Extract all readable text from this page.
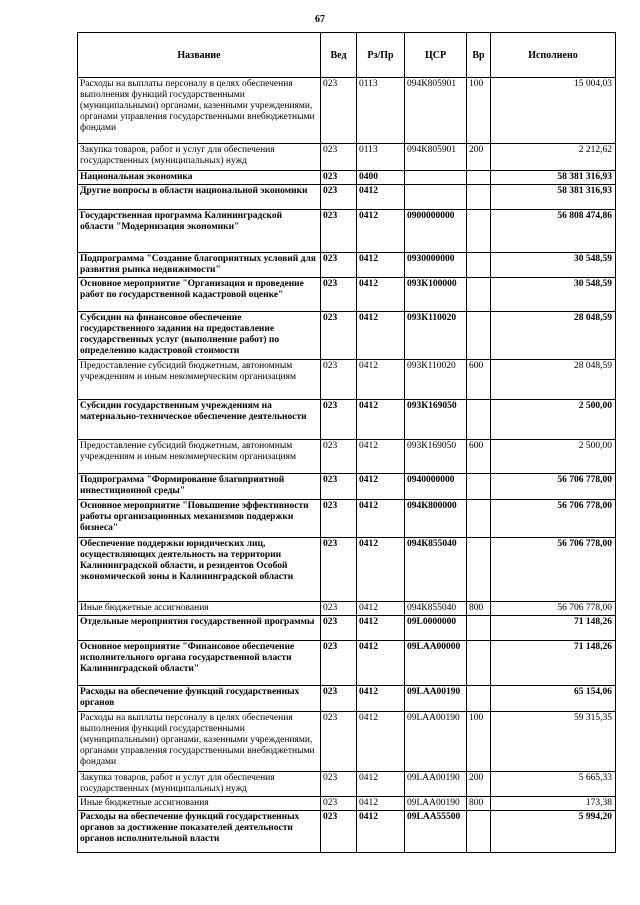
67
Название	Вед	Рз/Пр	ЦСР	Вр	Исполнено
Расходы на выплаты персоналу в целях обеспечения выполнения функций государственными (муниципальными) органами, казенными учреждениями, органами управления государственными внебюджетными фондами	023	0113	094К805901	100	15 004,03
Закупка товаров, работ и услуг для обеспечения государственных (муниципальных) нужд	023	0113	094К805901	200	2 212,62
Национальная экономика	023	0400			58 381 316,93
Другие вопросы в области национальной экономики	023	0412			58 381 316,93
Государственная программа Калининградской области "Модернизация экономики"	023	0412	0900000000		56 808 474,86
Подпрограмма "Создание благоприятных условий для развития рынка недвижимости"	023	0412	0930000000		30 548,59
Основное мероприятие "Организация и проведение работ по государственной кадастровой оценке"	023	0412	093К100000		30 548,59
Субсидии на финансовое обеспечение государственного задания на предоставление государственных услуг (выполнение работ) по определению кадастровой стоимости	023	0412	093К110020		28 048,59
Предоставление субсидий бюджетным, автономным учреждениям и иным некоммерческим организациям	023	0412	093К110020	600	28 048,59
Субсидии государственным учреждениям на материально-техническое обеспечение деятельности	023	0412	093К169050		2 500,00
Предоставление субсидий бюджетным, автономным учреждениям и иным некоммерческим организациям	023	0412	093К169050	600	2 500,00
Подпрограмма "Формирование благоприятной инвестиционной среды"	023	0412	0940000000		56 706 778,00
Основное мероприятие "Повышение эффективности работы организационных механизмов поддержки бизнеса"	023	0412	094К800000		56 706 778,00
Обеспечение поддержки юридических лиц, осуществляющих деятельность на территории Калининградской области, и резидентов Особой экономической зоны в Калининградской области	023	0412	094К855040		56 706 778,00
Иные бюджетные ассигнования	023	0412	094К855040	800	56 706 778,00
Отдельные мероприятия государственной программы	023	0412	09L0000000		71 148,26
Основное мероприятие "Финансовое обеспечение исполнительного органа государственной власти Калининградской области"	023	0412	09LАА00000		71 148,26
Расходы на обеспечение функций государственных органов	023	0412	09LАА00190		65 154,06
Расходы на выплаты персоналу в целях обеспечения выполнения функций государственными (муниципальными) органами, казенными учреждениями, органами управления государственными внебюджетными фондами	023	0412	09LАА00190	100	59 315,35
Закупка товаров, работ и услуг для обеспечения государственных (муниципальных) нужд	023	0412	09LАА00190	200	5 665,33
Иные бюджетные ассигнования	023	0412	09LАА00190	800	173,38
Расходы на обеспечение функций государственных органов за достижение показателей деятельности органов исполнительной власти	023	0412	09LАА55500		5 994,20
